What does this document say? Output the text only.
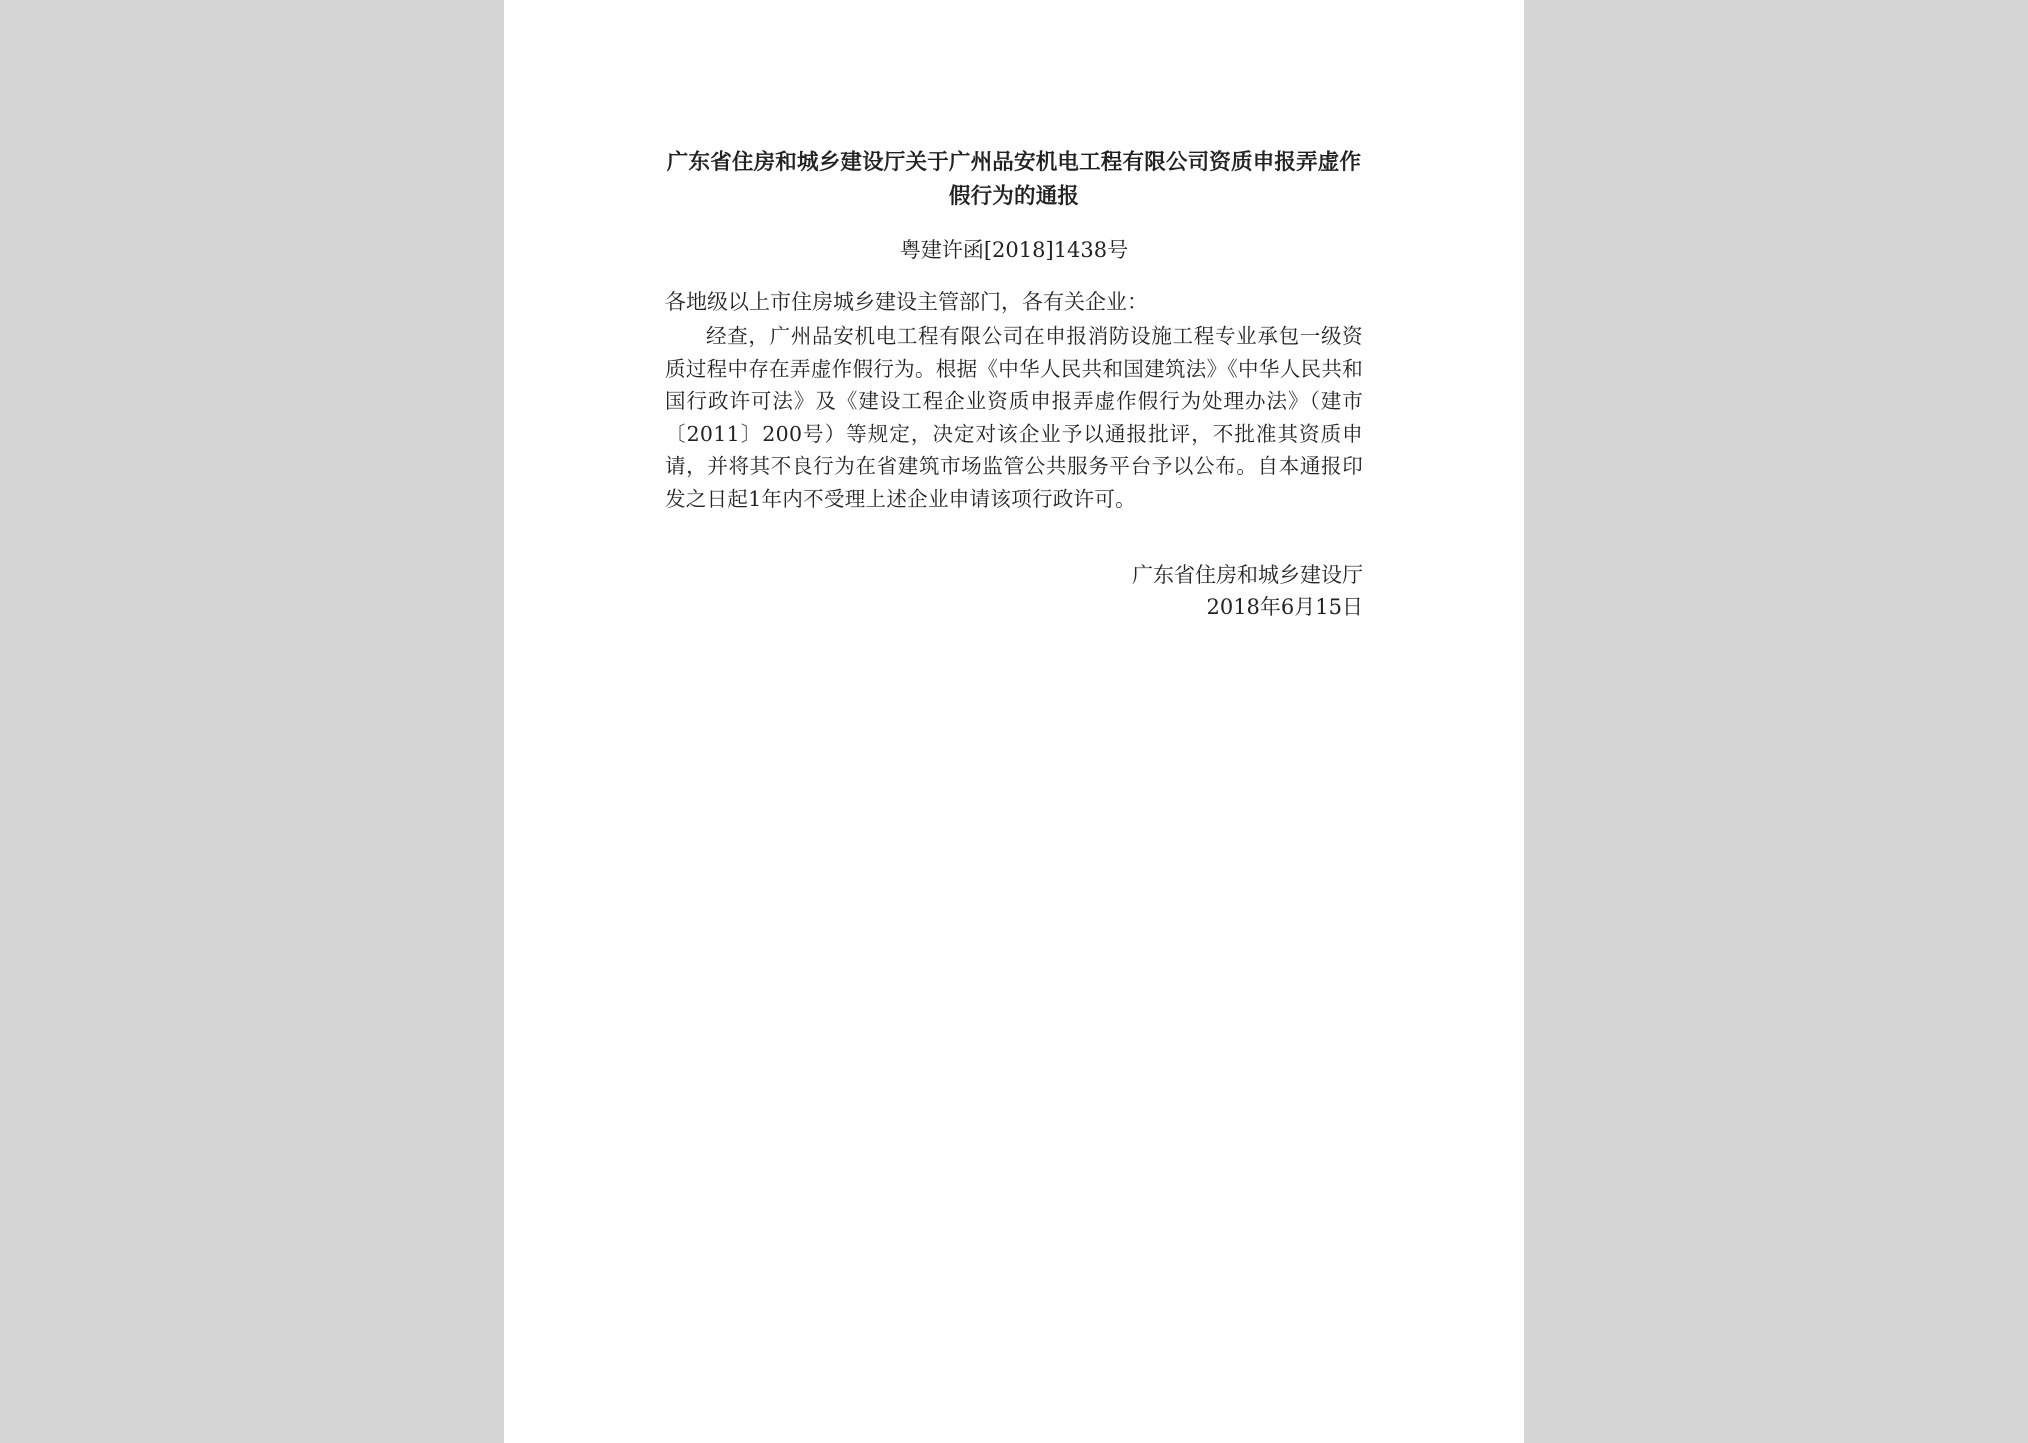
广东省住房和城乡建设厅关于广州品安机电工程有限公司资质申报弄虚作假行为的通报
粤建许函[2018]1438号
各地级以上市住房城乡建设主管部门，各有关企业：

经查，广州品安机电工程有限公司在申报消防设施工程专业承包一级资质过程中存在弄虚作假行为。根据《中华人民共和国建筑法》《中华人民共和国行政许可法》及《建设工程企业资质申报弄虚作假行为处理办法》（建市〔2011〕200号）等规定，决定对该企业予以通报批评，不批准其资质申请，并将其不良行为在省建筑市场监管公共服务平台予以公布。自本通报印发之日起1年内不受理上述企业申请该项行政许可。

广东省住房和城乡建设厅
2018年6月15日
